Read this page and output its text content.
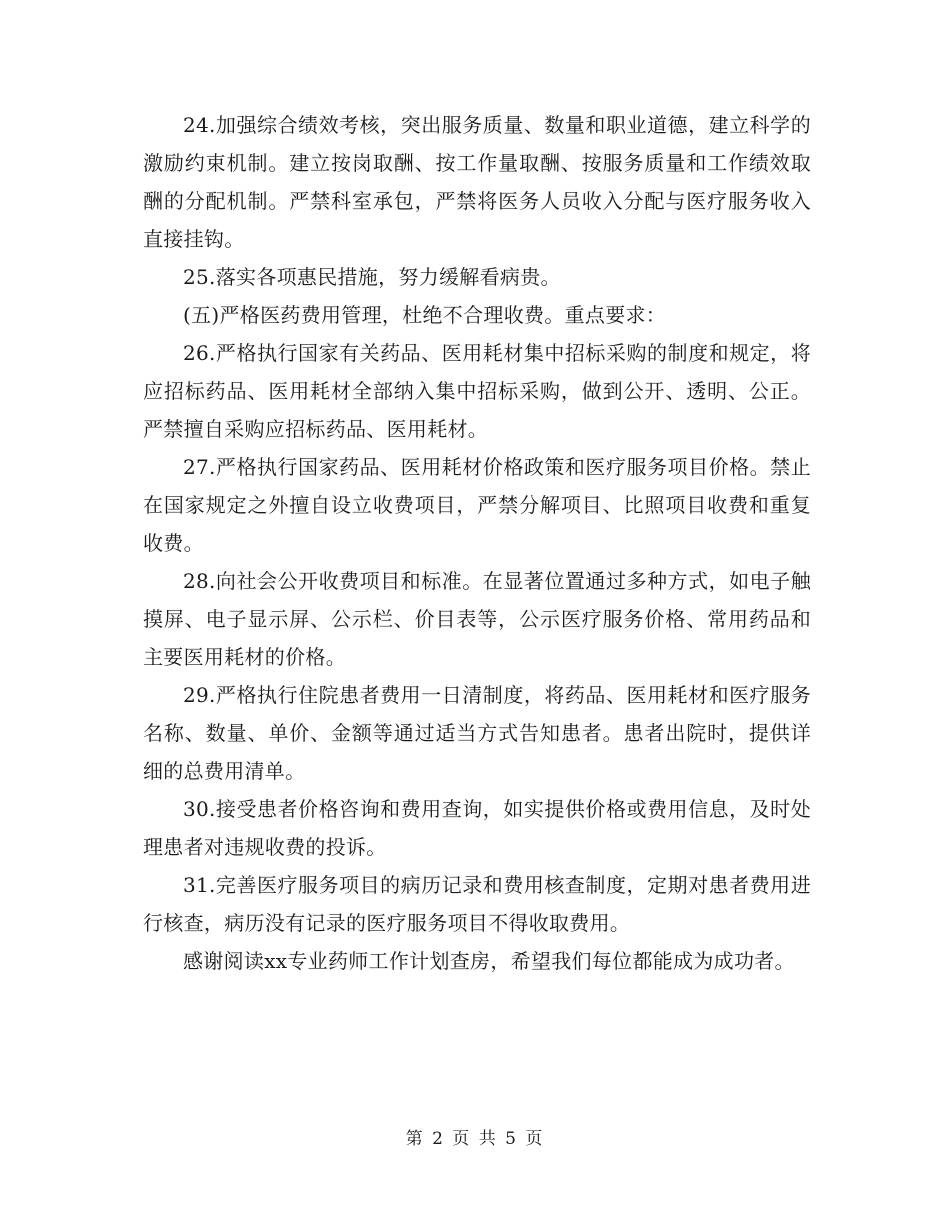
24.加强综合绩效考核，突出服务质量、数量和职业道德，建立科学的激励约束机制。建立按岗取酬、按工作量取酬、按服务质量和工作绩效取酬的分配机制。严禁科室承包，严禁将医务人员收入分配与医疗服务收入直接挂钩。

25.落实各项惠民措施，努力缓解看病贵。

(五)严格医药费用管理，杜绝不合理收费。重点要求：

26.严格执行国家有关药品、医用耗材集中招标采购的制度和规定，将应招标药品、医用耗材全部纳入集中招标采购，做到公开、透明、公正。严禁擅自采购应招标药品、医用耗材。

27.严格执行国家药品、医用耗材价格政策和医疗服务项目价格。禁止在国家规定之外擅自设立收费项目，严禁分解项目、比照项目收费和重复收费。

28.向社会公开收费项目和标准。在显著位置通过多种方式，如电子触摸屏、电子显示屏、公示栏、价目表等，公示医疗服务价格、常用药品和主要医用耗材的价格。

29.严格执行住院患者费用一日清制度，将药品、医用耗材和医疗服务名称、数量、单价、金额等通过适当方式告知患者。患者出院时，提供详细的总费用清单。

30.接受患者价格咨询和费用查询，如实提供价格或费用信息，及时处理患者对违规收费的投诉。

31.完善医疗服务项目的病历记录和费用核查制度，定期对患者费用进行核查，病历没有记录的医疗服务项目不得收取费用。

感谢阅读xx专业药师工作计划查房，希望我们每位都能成为成功者。

第 2 页 共 5 页
